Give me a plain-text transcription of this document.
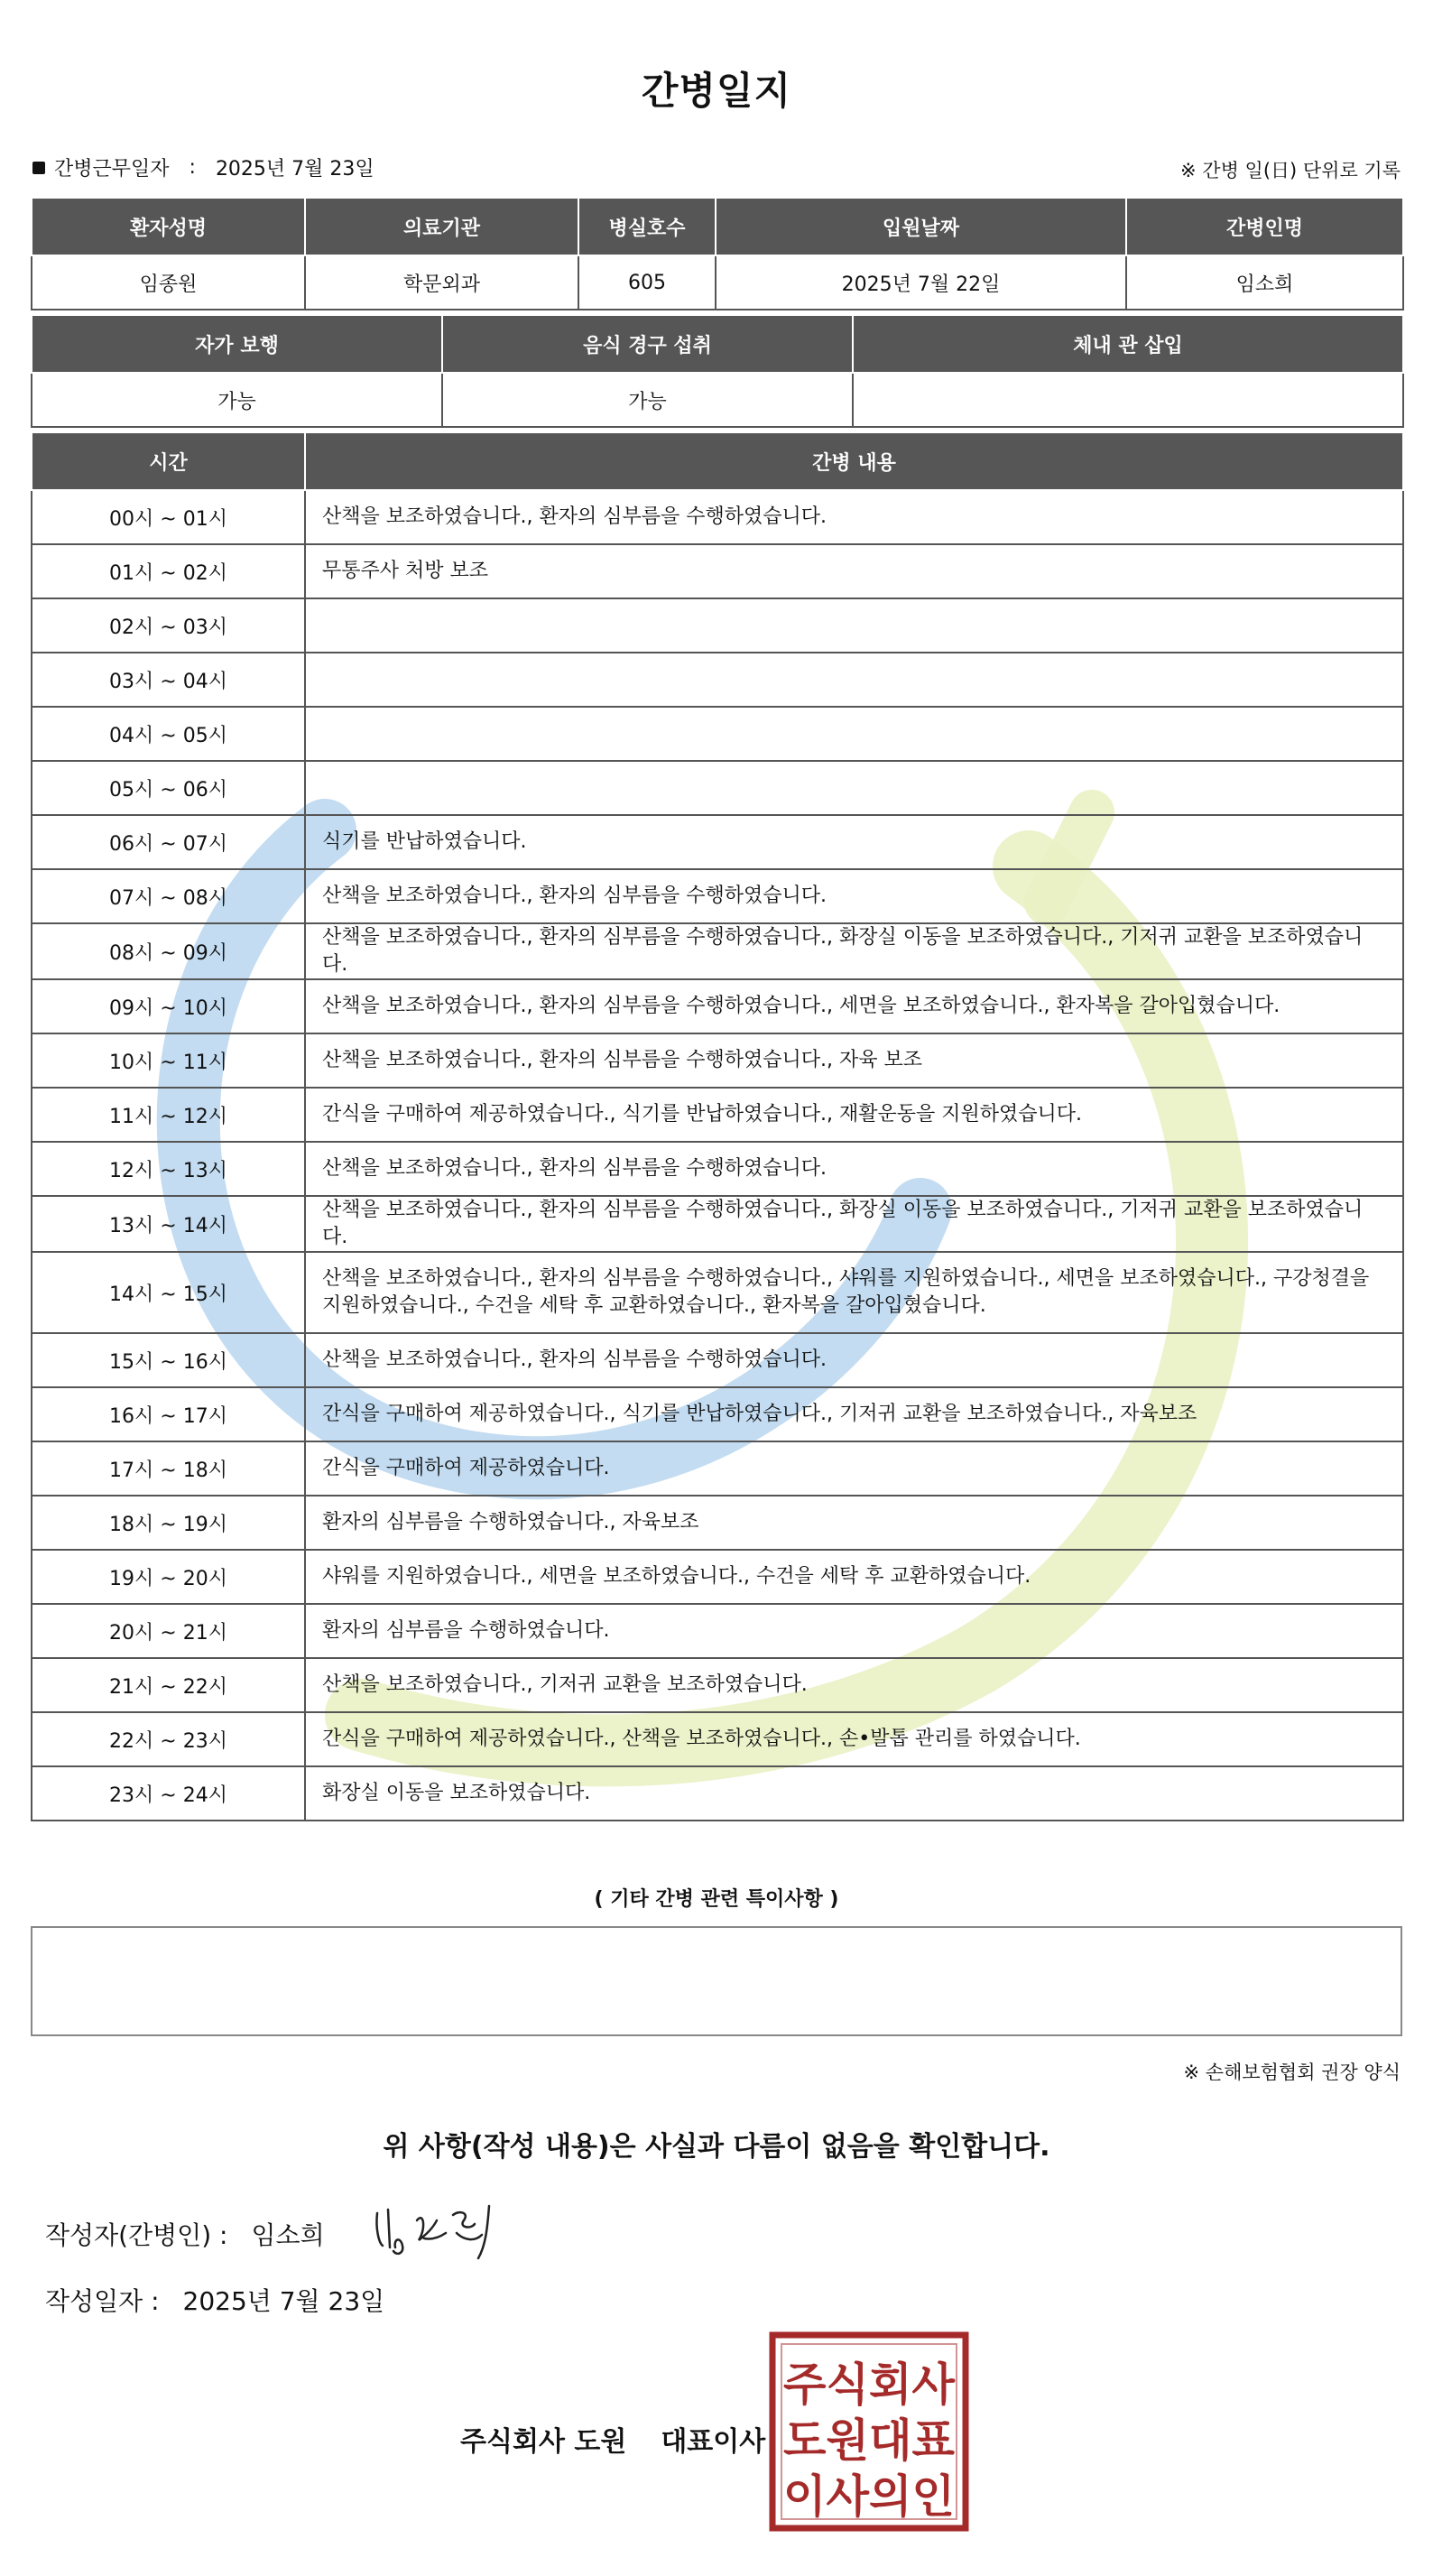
간병일지
간병근무일자 : 2025년 7월 23일	※ 간병 일(日) 단위로 기록
환자성명	의료기관	병실호수	입원날짜	간병인명
임종원	학문외과	605	2025년 7월 22일	임소희
자가 보행	음식 경구 섭취	체내 관 삽입
가능	가능	
시간	간병 내용
00시 ~ 01시	산책을 보조하였습니다., 환자의 심부름을 수행하였습니다.
01시 ~ 02시	무통주사 처방 보조
02시 ~ 03시	
03시 ~ 04시	
04시 ~ 05시	
05시 ~ 06시	
06시 ~ 07시	식기를 반납하였습니다.
07시 ~ 08시	산책을 보조하였습니다., 환자의 심부름을 수행하였습니다.
08시 ~ 09시	산책을 보조하였습니다., 환자의 심부름을 수행하였습니다., 화장실 이동을 보조하였습니다., 기저귀 교환을 보조하였습니다.
09시 ~ 10시	산책을 보조하였습니다., 환자의 심부름을 수행하였습니다., 세면을 보조하였습니다., 환자복을 갈아입혔습니다.
10시 ~ 11시	산책을 보조하였습니다., 환자의 심부름을 수행하였습니다., 자육 보조
11시 ~ 12시	간식을 구매하여 제공하였습니다., 식기를 반납하였습니다., 재활운동을 지원하였습니다.
12시 ~ 13시	산책을 보조하였습니다., 환자의 심부름을 수행하였습니다.
13시 ~ 14시	산책을 보조하였습니다., 환자의 심부름을 수행하였습니다., 화장실 이동을 보조하였습니다., 기저귀 교환을 보조하였습니다.
14시 ~ 15시	산책을 보조하였습니다., 환자의 심부름을 수행하였습니다., 샤워를 지원하였습니다., 세면을 보조하였습니다., 구강청결을 지원하였습니다., 수건을 세탁 후 교환하였습니다., 환자복을 갈아입혔습니다.
15시 ~ 16시	산책을 보조하였습니다., 환자의 심부름을 수행하였습니다.
16시 ~ 17시	간식을 구매하여 제공하였습니다., 식기를 반납하였습니다., 기저귀 교환을 보조하였습니다., 자육보조
17시 ~ 18시	간식을 구매하여 제공하였습니다.
18시 ~ 19시	환자의 심부름을 수행하였습니다., 자육보조
19시 ~ 20시	샤워를 지원하였습니다., 세면을 보조하였습니다., 수건을 세탁 후 교환하였습니다.
20시 ~ 21시	환자의 심부름을 수행하였습니다.
21시 ~ 22시	산책을 보조하였습니다., 기저귀 교환을 보조하였습니다.
22시 ~ 23시	간식을 구매하여 제공하였습니다., 산책을 보조하였습니다., 손•발톱 관리를 하였습니다.
23시 ~ 24시	화장실 이동을 보조하였습니다.
( 기타 간병 관련 특이사항 )
※ 손해보험협회 권장 양식
위 사항(작성 내용)은 사실과 다름이 없음을 확인합니다.
작성자(간병인) : 임소희
작성일자 : 2025년 7월 23일
주식회사 도원 대표이사
주식회사
도원대표
이사의인
